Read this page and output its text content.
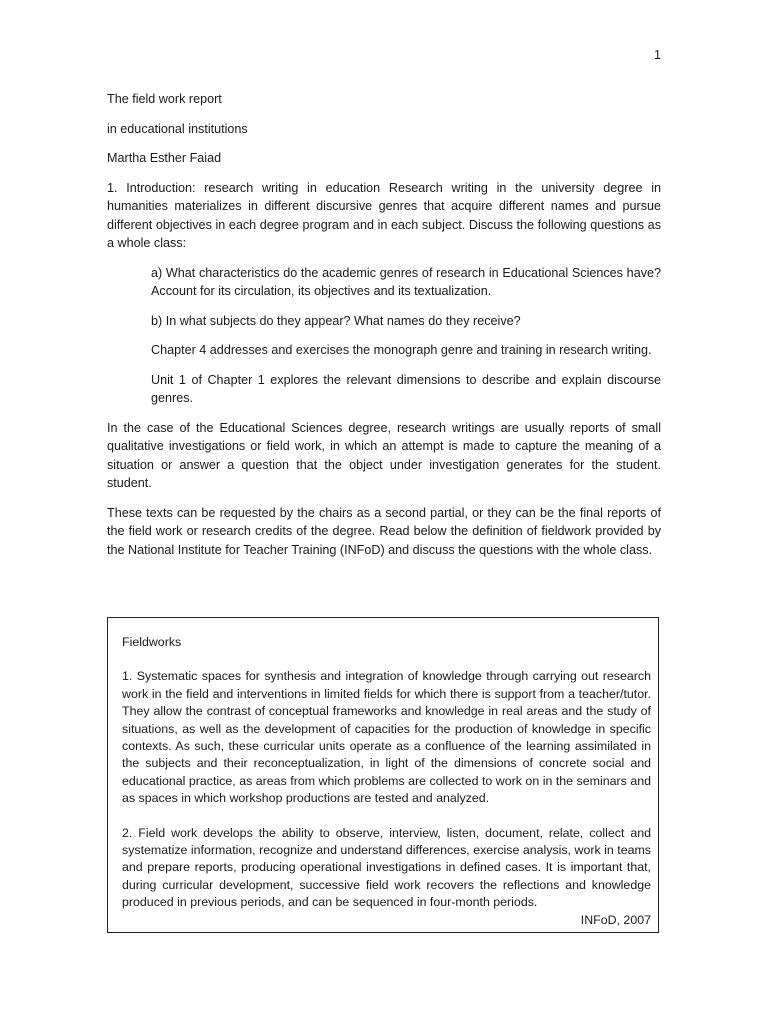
1

The field work report

in educational institutions

Martha Esther Faiad

1. Introduction: research writing in education Research writing in the university degree in humanities materializes in different discursive genres that acquire different names and pursue different objectives in each degree program and in each subject. Discuss the following questions as a whole class:

a) What characteristics do the academic genres of research in Educational Sciences have? Account for its circulation, its objectives and its textualization.

b) In what subjects do they appear? What names do they receive?

Chapter 4 addresses and exercises the monograph genre and training in research writing.

Unit 1 of Chapter 1 explores the relevant dimensions to describe and explain discourse genres.

In the case of the Educational Sciences degree, research writings are usually reports of small qualitative investigations or field work, in which an attempt is made to capture the meaning of a situation or answer a question that the object under investigation generates for the student. student.

These texts can be requested by the chairs as a second partial, or they can be the final reports of the field work or research credits of the degree. Read below the definition of fieldwork provided by the National Institute for Teacher Training (INFoD) and discuss the questions with the whole class.

Fieldworks

1. Systematic spaces for synthesis and integration of knowledge through carrying out research work in the field and interventions in limited fields for which there is support from a teacher/tutor. They allow the contrast of conceptual frameworks and knowledge in real areas and the study of situations, as well as the development of capacities for the production of knowledge in specific contexts. As such, these curricular units operate as a confluence of the learning assimilated in the subjects and their reconceptualization, in light of the dimensions of concrete social and educational practice, as areas from which problems are collected to work on in the seminars and as spaces in which workshop productions are tested and analyzed.

2. Field work develops the ability to observe, interview, listen, document, relate, collect and systematize information, recognize and understand differences, exercise analysis, work in teams and prepare reports, producing operational investigations in defined cases. It is important that, during curricular development, successive field work recovers the reflections and knowledge produced in previous periods, and can be sequenced in four-month periods.

INFoD, 2007
